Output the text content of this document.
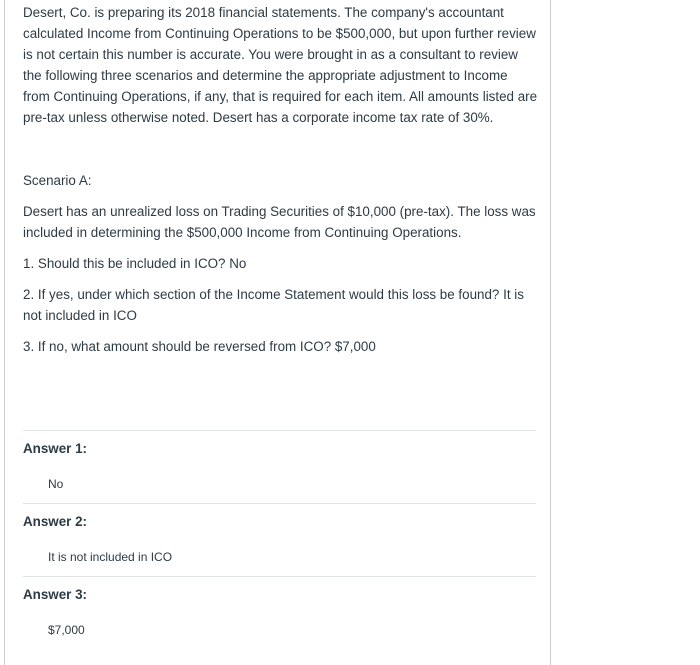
Desert, Co. is preparing its 2018 financial statements. The company's accountant calculated Income from Continuing Operations to be $500,000, but upon further review is not certain this number is accurate. You were brought in as a consultant to review the following three scenarios and determine the appropriate adjustment to Income from Continuing Operations, if any, that is required for each item. All amounts listed are pre-tax unless otherwise noted. Desert has a corporate income tax rate of 30%.

Scenario A:

Desert has an unrealized loss on Trading Securities of $10,000 (pre-tax). The loss was included in determining the $500,000 Income from Continuing Operations.

1. Should this be included in ICO? No

2. If yes, under which section of the Income Statement would this loss be found? It is not included in ICO

3. If no, what amount should be reversed from ICO? $7,000

Answer 1:
No
Answer 2:
It is not included in ICO
Answer 3:
$7,000
